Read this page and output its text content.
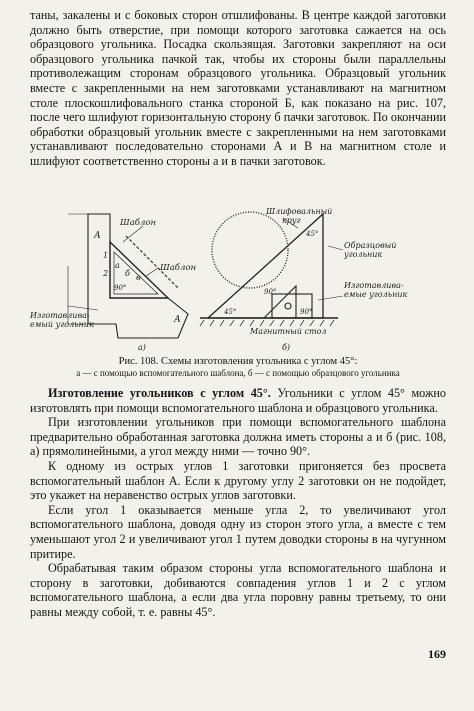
таны, закалены и с боковых сторон отшлифованы. В центре каждой заготовки должно быть отверстие, при помощи которого заготовка сажается на ось образцового угольника. Посадка скользящая. Заготовки закрепляют на оси образцового угольника пачкой так, чтобы их стороны были параллельны противолежащим сторонам образцового угольника. Образцовый угольник вместе с закрепленными на нем заготовками устанавливают на магнитном столе плоскошлифовального станка стороной Б, как показано на рис. 107, после чего шлифуют горизонтальную сторону б пачки заготовок. По окончании обработки образцовый угольник вместе с закрепленными на нем заготовками устанавливают последовательно сторонами А и В на магнитном столе и шлифуют соответственно стороны а и в пачки заготовок.

Шаблон
Шаблон
А
А
1
2 б
а
в
90°
Изготавлива-
емый угольник
а)
Шлифовальный
круг
Образцовый
угольник
Изготавлива-
емые угольник
Магнитный стол
45°
45°
90°
90°
б)
Рис. 108. Схемы изготовления угольника с углом 45°:
а — с помощью вспомогательного шаблона, б — с помощью образцового угольника

Изготовление угольников с углом 45°. Угольники с углом 45° можно изготовлять при помощи вспомогательного шаблона и образцового угольника.

При изготовлении угольников при помощи вспомогательного шаблона предварительно обработанная заготовка должна иметь стороны а и б (рис. 108, а) прямолинейными, а угол между ними — точно 90°.

К одному из острых углов 1 заготовки пригоняется без просвета вспомогательный шаблон А. Если к другому углу 2 заготовки он не подойдет, это укажет на неравенство острых углов заготовки.

Если угол 1 оказывается меньше угла 2, то увеличивают угол вспомогательного шаблона, доводя одну из сторон этого угла, а вместе с тем уменьшают угол 2 и увеличивают угол 1 путем доводки стороны в на чугунном притире.

Обрабатывая таким образом стороны угла вспомогательного шаблона и сторону в заготовки, добиваются совпадения углов 1 и 2 с углом вспомогательного шаблона, а если два угла поровну равны третьему, то они равны между собой, т. е. равны 45°.

169
